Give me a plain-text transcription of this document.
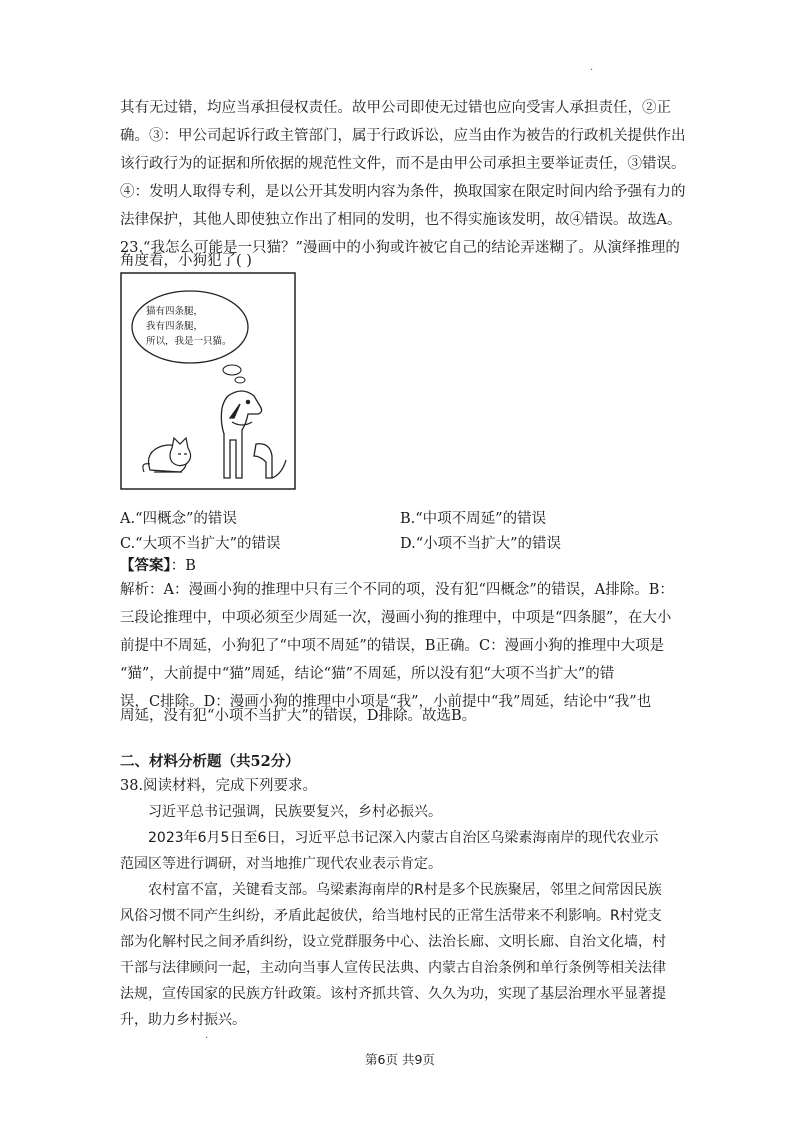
.
其有无过错，均应当承担侵权责任。故甲公司即使无过错也应向受害人承担责任，②正
确。③：甲公司起诉行政主管部门，属于行政诉讼，应当由作为被告的行政机关提供作出
该行政行为的证据和所依据的规范性文件，而不是由甲公司承担主要举证责任，③错误。
④：发明人取得专利，是以公开其发明内容为条件，换取国家在限定时间内给予强有力的
法律保护，其他人即使独立作出了相同的发明，也不得实施该发明，故④错误。故选A。
23.“我怎么可能是一只猫？”漫画中的小狗或许被它自己的结论弄迷糊了。从演绎推理的
角度看，小狗犯了( )
猫有四条腿，
我有四条腿，
所以，我是一只猫。
A.“四概念”的错误	B.“中项不周延”的错误
C.“大项不当扩大”的错误	D.“小项不当扩大”的错误
【答案】：B
解析：A：漫画小狗的推理中只有三个不同的项，没有犯“四概念”的错误，A排除。B：
三段论推理中，中项必须至少周延一次，漫画小狗的推理中，中项是“四条腿”，在大小
前提中不周延，小狗犯了“中项不周延”的错误，B正确。C：漫画小狗的推理中大项是
“猫”，大前提中“猫”周延，结论“猫”不周延，所以没有犯“大项不当扩大”的错
误，C排除。D：漫画小狗的推理中小项是“我”，小前提中“我”周延，结论中“我”也
周延，没有犯“小项不当扩大”的错误，D排除。故选B。
二、材料分析题（共52分）
38.阅读材料，完成下列要求。
习近平总书记强调，民族要复兴，乡村必振兴。
2023年6月5日至6日，习近平总书记深入内蒙古自治区乌梁素海南岸的现代农业示
范园区等进行调研，对当地推广现代农业表示肯定。
农村富不富，关键看支部。乌梁素海南岸的R村是多个民族聚居，邻里之间常因民族
风俗习惯不同产生纠纷，矛盾此起彼伏，给当地村民的正常生活带来不利影响。R村党支
部为化解村民之间矛盾纠纷，设立党群服务中心、法治长廊、文明长廊、自治文化墙，村
干部与法律顾问一起，主动向当事人宣传民法典、内蒙古自治条例和单行条例等相关法律
法规，宣传国家的民族方针政策。该村齐抓共管、久久为功，实现了基层治理水平显著提
升，助力乡村振兴。
.
第6页 共9页
